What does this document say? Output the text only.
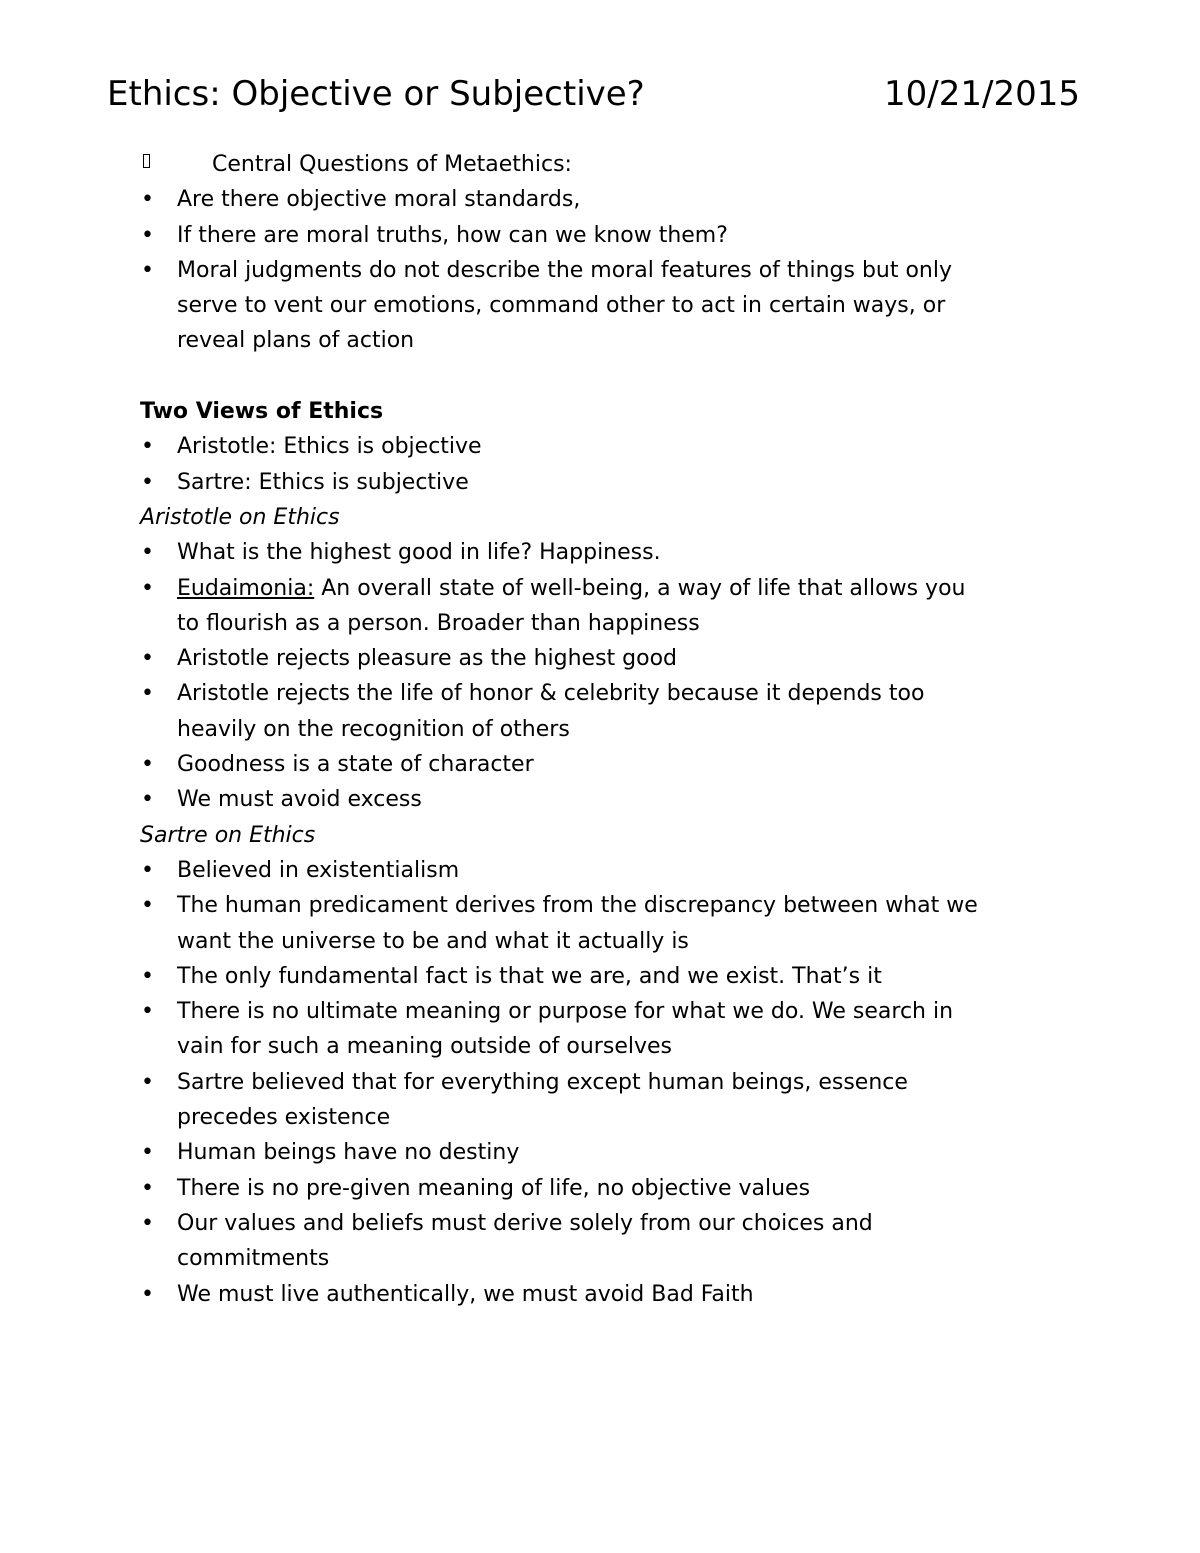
Ethics: Objective or Subjective?	10/21/2015
Central Questions of Metaethics:
•	Are there objective moral standards,
•	If there are moral truths, how can we know them?
•	Moral judgments do not describe the moral features of things but only
serve to vent our emotions, command other to act in certain ways, or
reveal plans of action
Two Views of Ethics
•	Aristotle: Ethics is objective
•	Sartre: Ethics is subjective
Aristotle on Ethics
•	What is the highest good in life? Happiness.
•	Eudaimonia: An overall state of well-being, a way of life that allows you
to flourish as a person. Broader than happiness
•	Aristotle rejects pleasure as the highest good
•	Aristotle rejects the life of honor & celebrity because it depends too
heavily on the recognition of others
•	Goodness is a state of character
•	We must avoid excess
Sartre on Ethics
•	Believed in existentialism
•	The human predicament derives from the discrepancy between what we
want the universe to be and what it actually is
•	The only fundamental fact is that we are, and we exist. That’s it
•	There is no ultimate meaning or purpose for what we do. We search in
vain for such a meaning outside of ourselves
•	Sartre believed that for everything except human beings, essence
precedes existence
•	Human beings have no destiny
•	There is no pre-given meaning of life, no objective values
•	Our values and beliefs must derive solely from our choices and
commitments
•	We must live authentically, we must avoid Bad Faith
